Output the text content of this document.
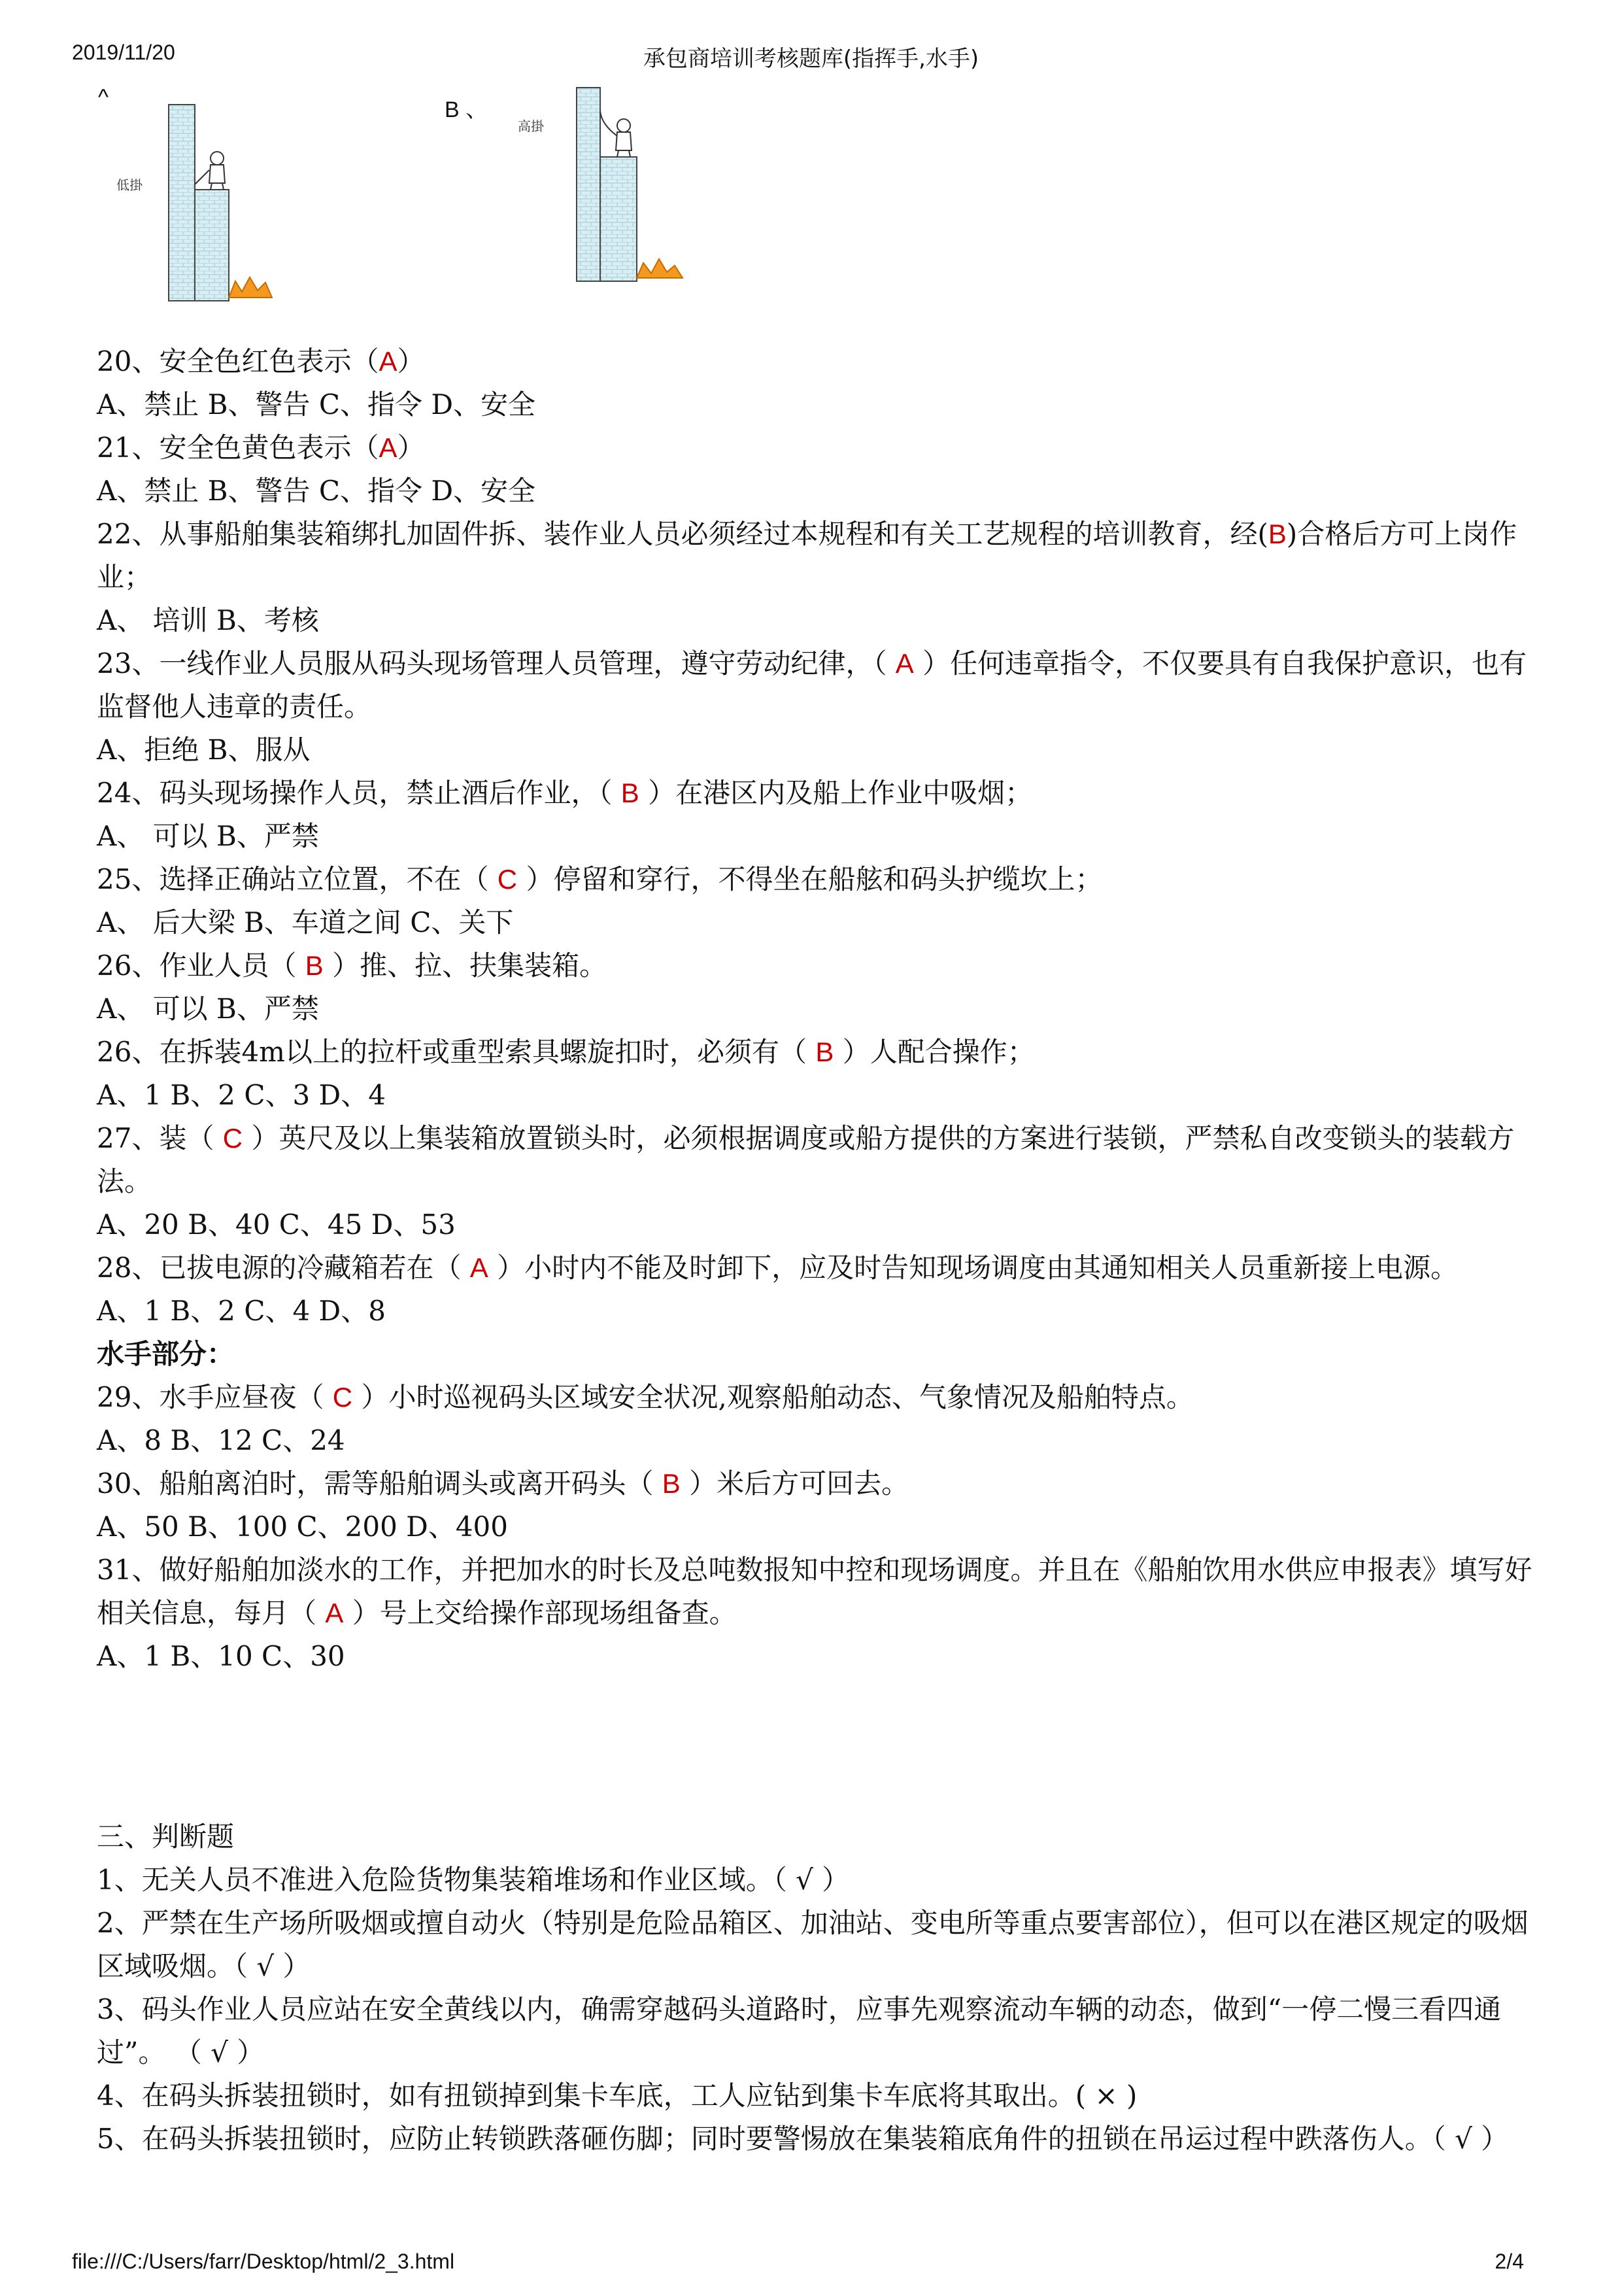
2019/11/20	承包商培训考核题库(指挥手,水手)
^
低掛
B 、
高掛
20、安全色红色表示（A）
A、禁止 B、警告 C、指令 D、安全
21、安全色黄色表示（A）
A、禁止 B、警告 C、指令 D、安全
22、从事船舶集装箱绑扎加固件拆、装作业人员必须经过本规程和有关工艺规程的培训教育，经(B)合格后方可上岗作业；
A、 培训 B、考核
23、一线作业人员服从码头现场管理人员管理，遵守劳动纪律，（ A ）任何违章指令，不仅要具有自我保护意识，也有监督他人违章的责任。
A、拒绝 B、服从
24、码头现场操作人员，禁止酒后作业，（ B ）在港区内及船上作业中吸烟；
A、 可以 B、严禁
25、选择正确站立位置，不在（ C ）停留和穿行，不得坐在船舷和码头护缆坎上；
A、 后大梁 B、车道之间 C、关下
26、作业人员（ B ）推、拉、扶集装箱。
A、 可以 B、严禁
26、在拆装4m以上的拉杆或重型索具螺旋扣时，必须有（ B ）人配合操作；
A、1 B、2 C、3 D、4
27、装（ C ）英尺及以上集装箱放置锁头时，必须根据调度或船方提供的方案进行装锁，严禁私自改变锁头的装载方法。
A、20 B、40 C、45 D、53
28、已拔电源的冷藏箱若在（ A ）小时内不能及时卸下，应及时告知现场调度由其通知相关人员重新接上电源。
A、1 B、2 C、4 D、8
水手部分：
29、水手应昼夜（ C ）小时巡视码头区域安全状况,观察船舶动态、气象情况及船舶特点。
A、8 B、12 C、24
30、船舶离泊时，需等船舶调头或离开码头（ B ）米后方可回去。
A、50 B、100 C、200 D、400
31、做好船舶加淡水的工作，并把加水的时长及总吨数报知中控和现场调度。并且在《船舶饮用水供应申报表》填写好相关信息，每月（ A ）号上交给操作部现场组备查。
A、1 B、10 C、30
三、判断题
1、无关人员不准进入危险货物集装箱堆场和作业区域。（ √ ）
2、严禁在生产场所吸烟或擅自动火（特别是危险品箱区、加油站、变电所等重点要害部位），但可以在港区规定的吸烟区域吸烟。（ √ ）
3、码头作业人员应站在安全黄线以内，确需穿越码头道路时，应事先观察流动车辆的动态，做到“一停二慢三看四通过”。 （ √ ）
4、在码头拆装扭锁时，如有扭锁掉到集卡车底，工人应钻到集卡车底将其取出。( × )
5、在码头拆装扭锁时，应防止转锁跌落砸伤脚；同时要警惕放在集装箱底角件的扭锁在吊运过程中跌落伤人。（ √ ）
file:///C:/Users/farr/Desktop/html/2_3.html	2/4
